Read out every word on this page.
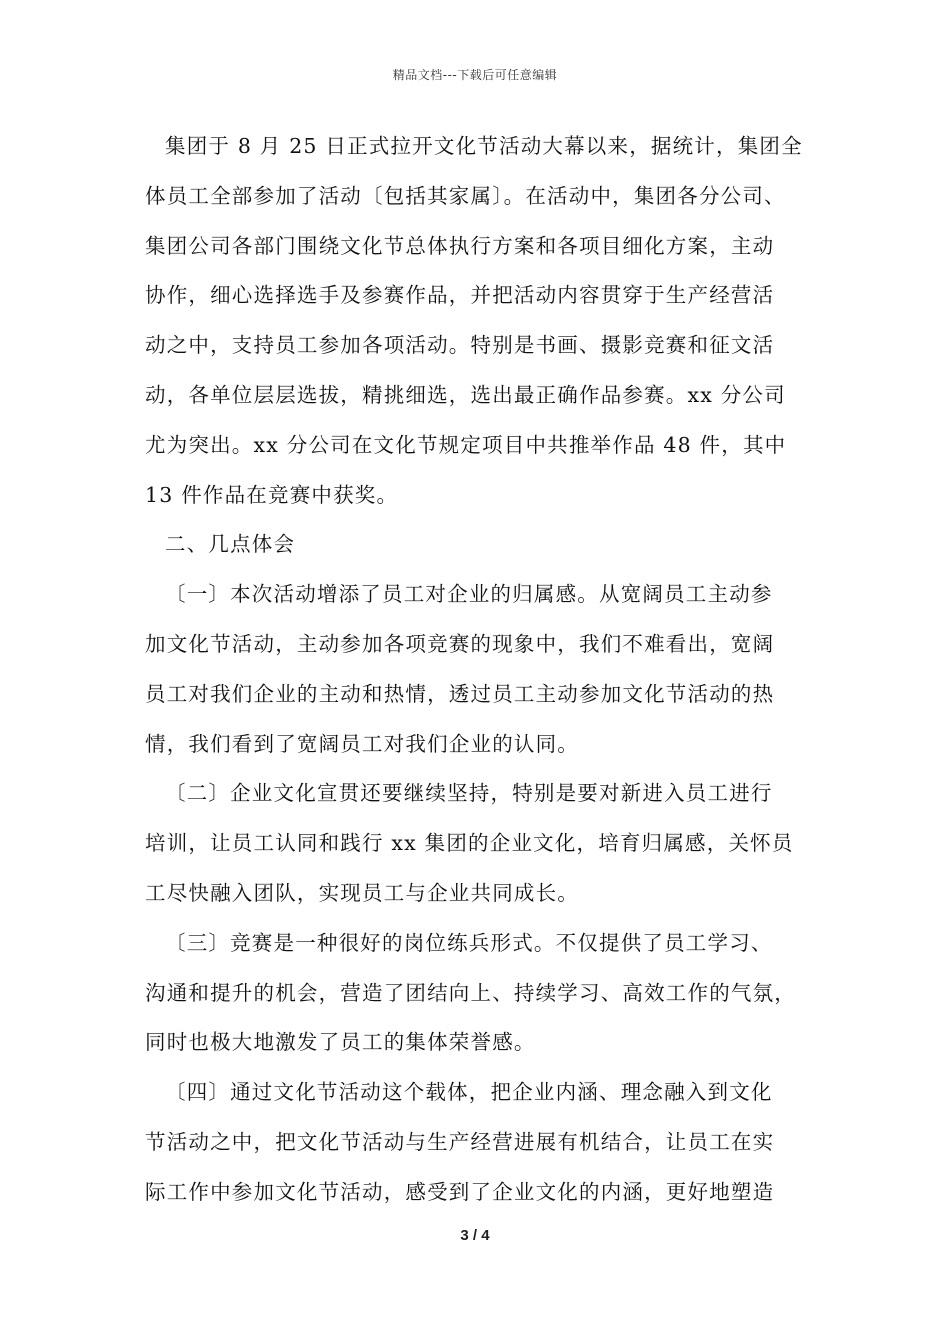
精品文档---下载后可任意编辑

集团于 8 月 25 日正式拉开文化节活动大幕以来，据统计，集团全
体员工全部参加了活动〔包括其家属〕。在活动中，集团各分公司、
集团公司各部门围绕文化节总体执行方案和各项目细化方案，主动
协作，细心选择选手及参赛作品，并把活动内容贯穿于生产经营活
动之中，支持员工参加各项活动。特别是书画、摄影竞赛和征文活
动，各单位层层选拔，精挑细选，选出最正确作品参赛。xx 分公司
尤为突出。xx 分公司在文化节规定项目中共推举作品 48 件，其中
13 件作品在竞赛中获奖。

二、几点体会

〔一〕本次活动增添了员工对企业的归属感。从宽阔员工主动参
加文化节活动，主动参加各项竞赛的现象中，我们不难看出，宽阔
员工对我们企业的主动和热情，透过员工主动参加文化节活动的热
情，我们看到了宽阔员工对我们企业的认同。

〔二〕企业文化宣贯还要继续坚持，特别是要对新进入员工进行
培训，让员工认同和践行 xx 集团的企业文化，培育归属感，关怀员
工尽快融入团队，实现员工与企业共同成长。

〔三〕竞赛是一种很好的岗位练兵形式。不仅提供了员工学习、
沟通和提升的机会，营造了团结向上、持续学习、高效工作的气氛，
同时也极大地激发了员工的集体荣誉感。

〔四〕通过文化节活动这个载体，把企业内涵、理念融入到文化
节活动之中，把文化节活动与生产经营进展有机结合，让员工在实
际工作中参加文化节活动，感受到了企业文化的内涵，更好地塑造

3 / 4
